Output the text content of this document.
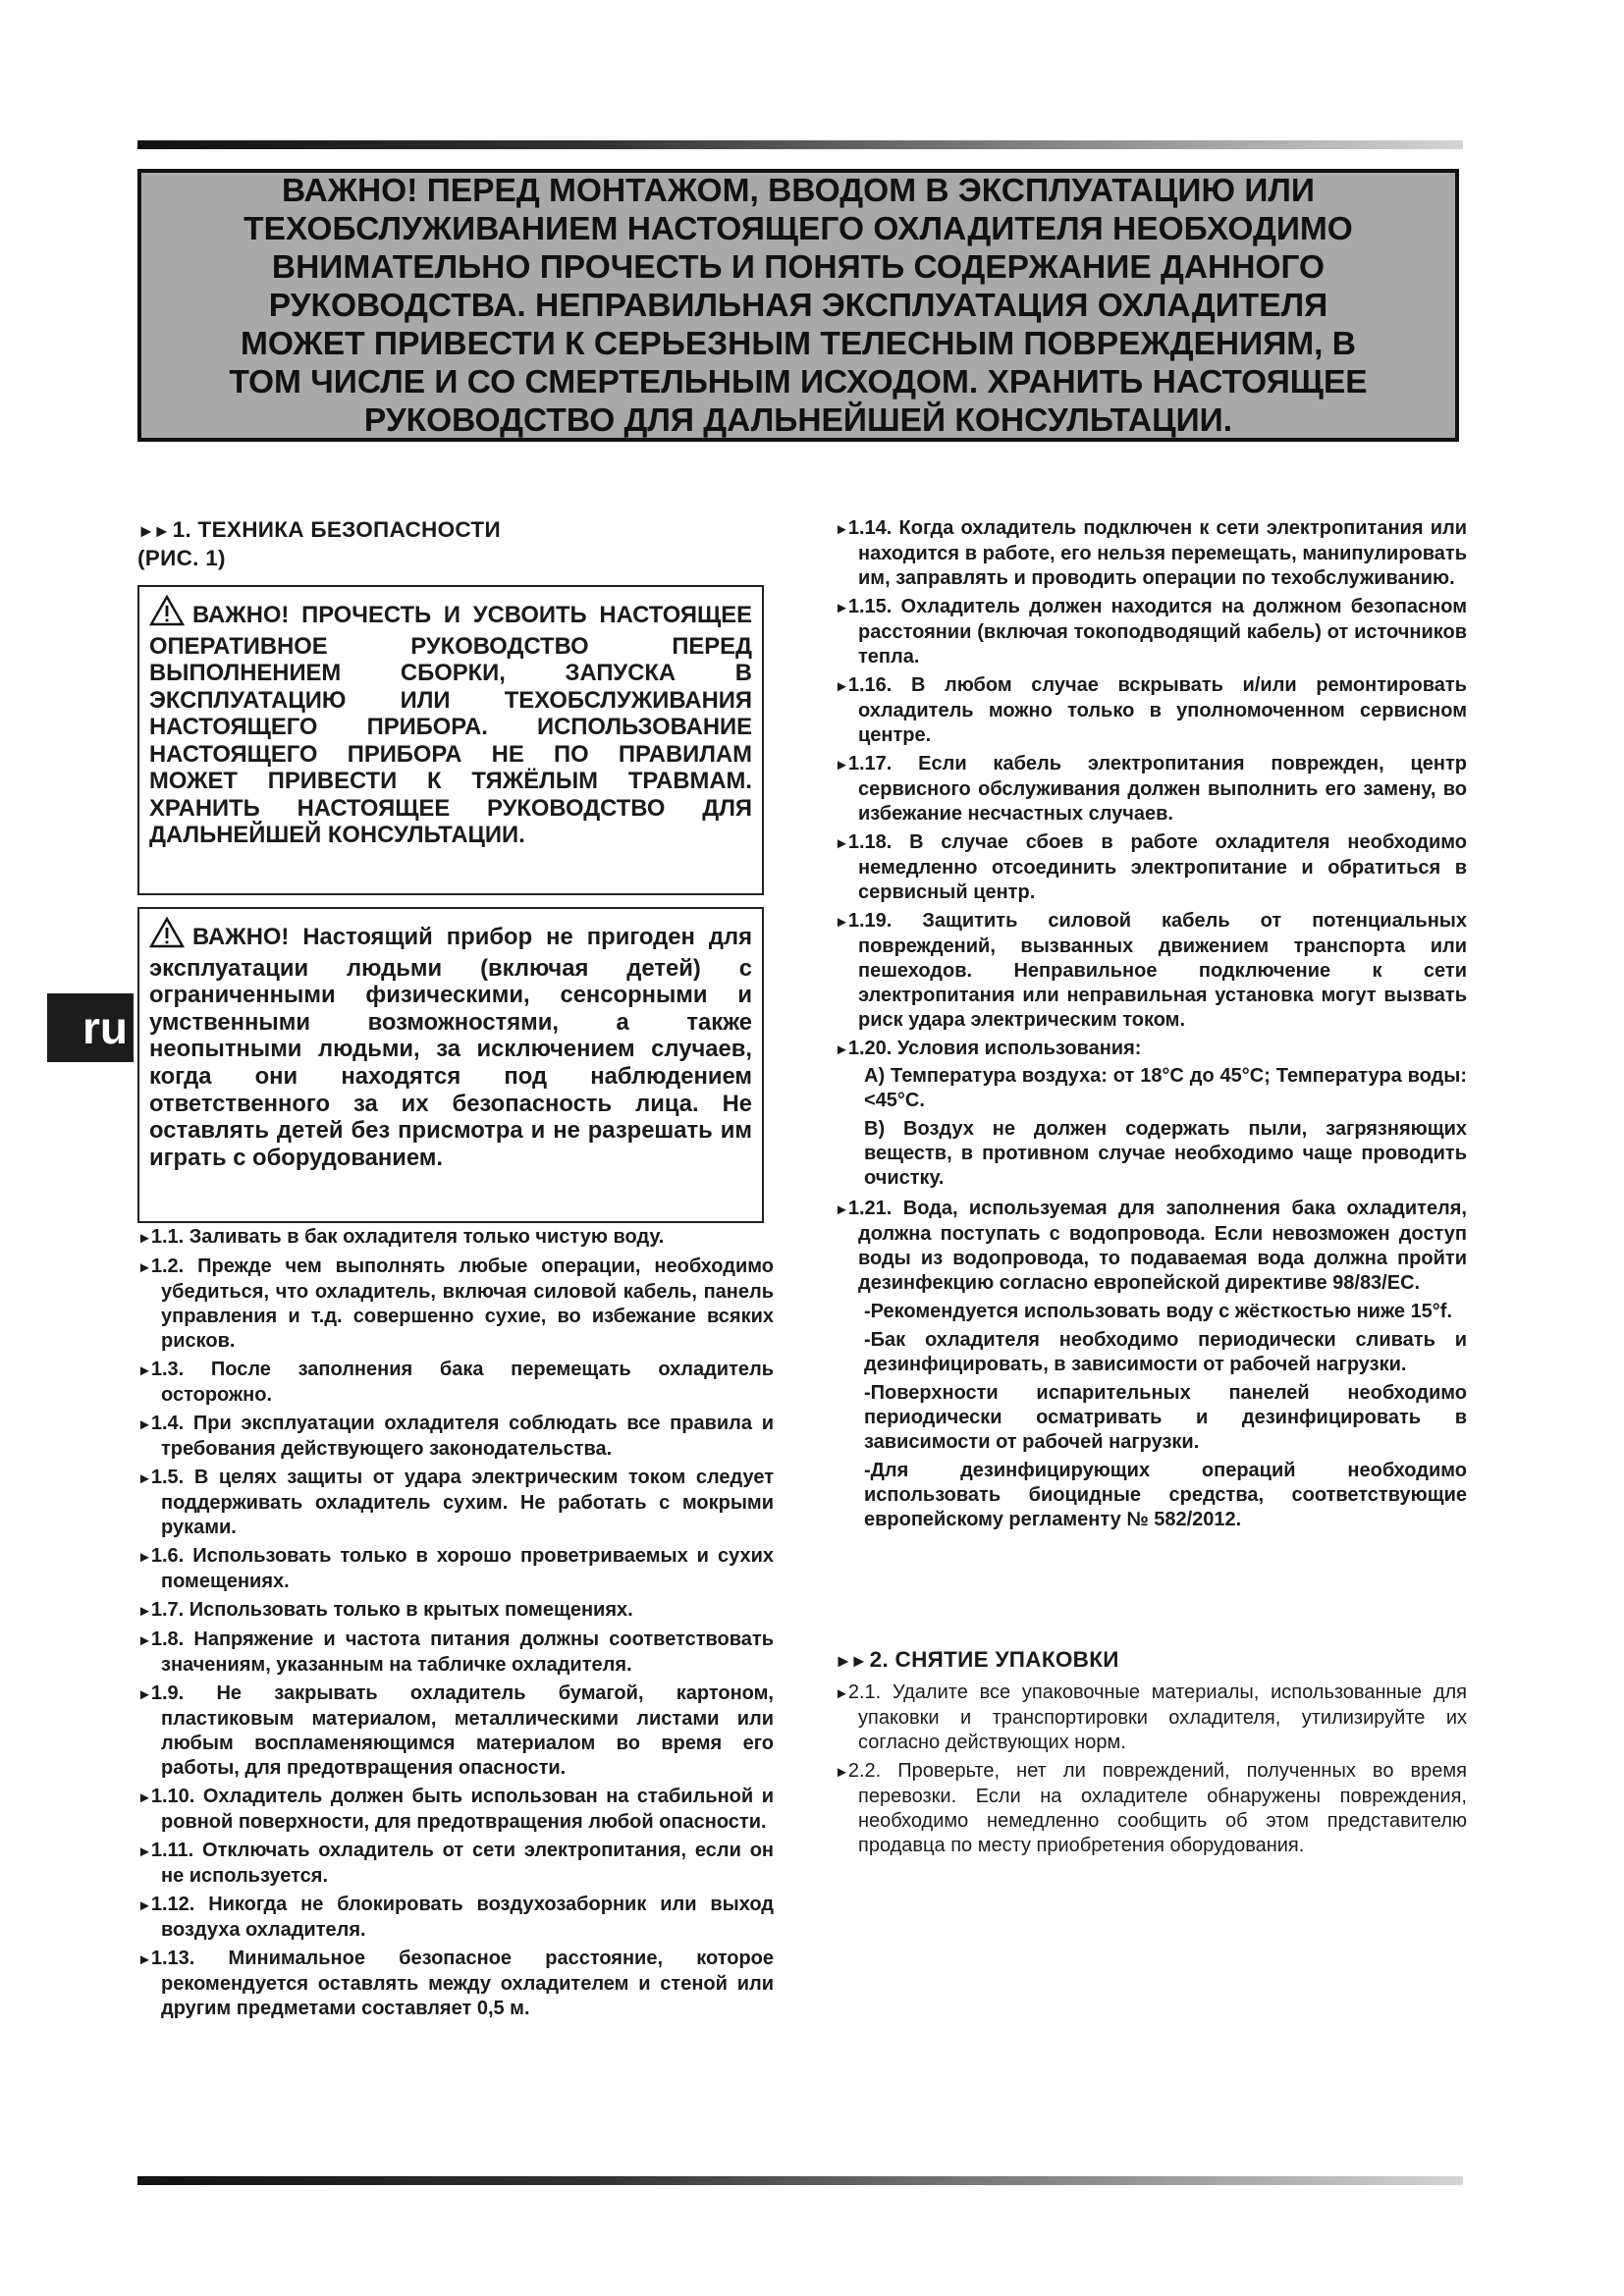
ВАЖНО! ПЕРЕД МОНТАЖОМ, ВВОДОМ В ЭКСПЛУАТАЦИЮ ИЛИ
ТЕХОБСЛУЖИВАНИЕМ НАСТОЯЩЕГО ОХЛАДИТЕЛЯ НЕОБХОДИМО
ВНИМАТЕЛЬНО ПРОЧЕСТЬ И ПОНЯТЬ СОДЕРЖАНИЕ ДАННОГО
РУКОВОДСТВА. НЕПРАВИЛЬНАЯ ЭКСПЛУАТАЦИЯ ОХЛАДИТЕЛЯ
МОЖЕТ ПРИВЕСТИ К СЕРЬЕЗНЫМ ТЕЛЕСНЫМ ПОВРЕЖДЕНИЯМ, В
ТОМ ЧИСЛЕ И СО СМЕРТЕЛЬНЫМ ИСХОДОМ. ХРАНИТЬ НАСТОЯЩЕЕ
РУКОВОДСТВО ДЛЯ ДАЛЬНЕЙШЕЙ КОНСУЛЬТАЦИИ.
ru

►► 1. ТЕХНИКА БЕЗОПАСНОСТИ
(РИС. 1)

ВАЖНО! ПРОЧЕСТЬ И УСВОИТЬ НАСТОЯЩЕЕ ОПЕРАТИВНОЕ РУКОВОДСТВО ПЕРЕД ВЫПОЛНЕНИЕМ СБОРКИ, ЗАПУСКА В ЭКСПЛУАТАЦИЮ ИЛИ ТЕХОБСЛУЖИВАНИЯ НАСТОЯЩЕГО ПРИБОРА. ИСПОЛЬЗОВАНИЕ НАСТОЯЩЕГО ПРИБОРА НЕ ПО ПРАВИЛАМ МОЖЕТ ПРИВЕСТИ К ТЯЖЁЛЫМ ТРАВМАМ. ХРАНИТЬ НАСТОЯЩЕЕ РУКОВОДСТВО ДЛЯ ДАЛЬНЕЙШЕЙ КОНСУЛЬТАЦИИ.
ВАЖНО! Настоящий прибор не пригоден для эксплуатации людьми (включая детей) с ограниченными физическими, сенсорными и умственными возможностями, а также неопытными людьми, за исключением случаев, когда они находятся под наблюдением ответственного за их безопасность лица. Не оставлять детей без присмотра и не разрешать им играть с оборудованием.

►1.1. Заливать в бак охладителя только чистую воду.

►1.2. Прежде чем выполнять любые операции, необходимо убедиться, что охладитель, включая силовой кабель, панель управления и т.д. совершенно сухие, во избежание всяких рисков.

►1.3. После заполнения бака перемещать охладитель осторожно.

►1.4. При эксплуатации охладителя соблюдать все правила и требования действующего законодательства.

►1.5. В целях защиты от удара электрическим током следует поддерживать охладитель сухим. Не работать с мокрыми руками.

►1.6. Использовать только в хорошо проветриваемых и сухих помещениях.

►1.7. Использовать только в крытых помещениях.

►1.8. Напряжение и частота питания должны соответствовать значениям, указанным на табличке охладителя.

►1.9. Не закрывать охладитель бумагой, картоном, пластиковым материалом, металлическими листами или любым воспламеняющимся материалом во время его работы, для предотвращения опасности.

►1.10. Охладитель должен быть использован на стабильной и ровной поверхности, для предотвращения любой опасности.

►1.11. Отключать охладитель от сети электропитания, если он не используется.

►1.12. Никогда не блокировать воздухозаборник или выход воздуха охладителя.

►1.13. Минимальное безопасное расстояние, которое рекомендуется оставлять между охладителем и стеной или другим предметами составляет 0,5 м.

►1.14. Когда охладитель подключен к сети электропитания или находится в работе, его нельзя перемещать, манипулировать им, заправлять и проводить операции по техобслуживанию.

►1.15. Охладитель должен находится на должном безопасном расстоянии (включая токоподводящий кабель) от источников тепла.

►1.16. В любом случае вскрывать и/или ремонтировать охладитель можно только в уполномоченном сервисном центре.

►1.17. Если кабель электропитания поврежден, центр сервисного обслуживания должен выполнить его замену, во избежание несчастных случаев.

►1.18. В случае сбоев в работе охладителя необходимо немедленно отсоединить электропитание и обратиться в сервисный центр.

►1.19. Защитить силовой кабель от потенциальных повреждений, вызванных движением транспорта или пешеходов. Неправильное подключение к сети электропитания или неправильная установка могут вызвать риск удара электрическим током.

►1.20. Условия использования:

А) Температура воздуха: от 18°С до 45°С; Температура воды: <45°С.

В) Воздух не должен содержать пыли, загрязняющих веществ, в противном случае необходимо чаще проводить очистку.

►1.21. Вода, используемая для заполнения бака охладителя, должна поступать с водопровода. Если невозможен доступ воды из водопровода, то подаваемая вода должна пройти дезинфекцию согласно европейской директиве 98/83/ЕС.

-Рекомендуется использовать воду с жёсткостью ниже 15°f.

-Бак охладителя необходимо периодически сливать и дезинфицировать, в зависимости от рабочей нагрузки.

-Поверхности испарительных панелей необходимо периодически осматривать и дезинфицировать в зависимости от рабочей нагрузки.

-Для дезинфицирующих операций необходимо использовать биоцидные средства, соответствующие европейскому регламенту № 582/2012.

►► 2. СНЯТИЕ УПАКОВКИ

►2.1. Удалите все упаковочные материалы, использованные для упаковки и транспортировки охладителя, утилизируйте их согласно действующих норм.

►2.2. Проверьте, нет ли повреждений, полученных во время перевозки. Если на охладителе обнаружены повреждения, необходимо немедленно сообщить об этом представителю продавца по месту приобретения оборудования.
